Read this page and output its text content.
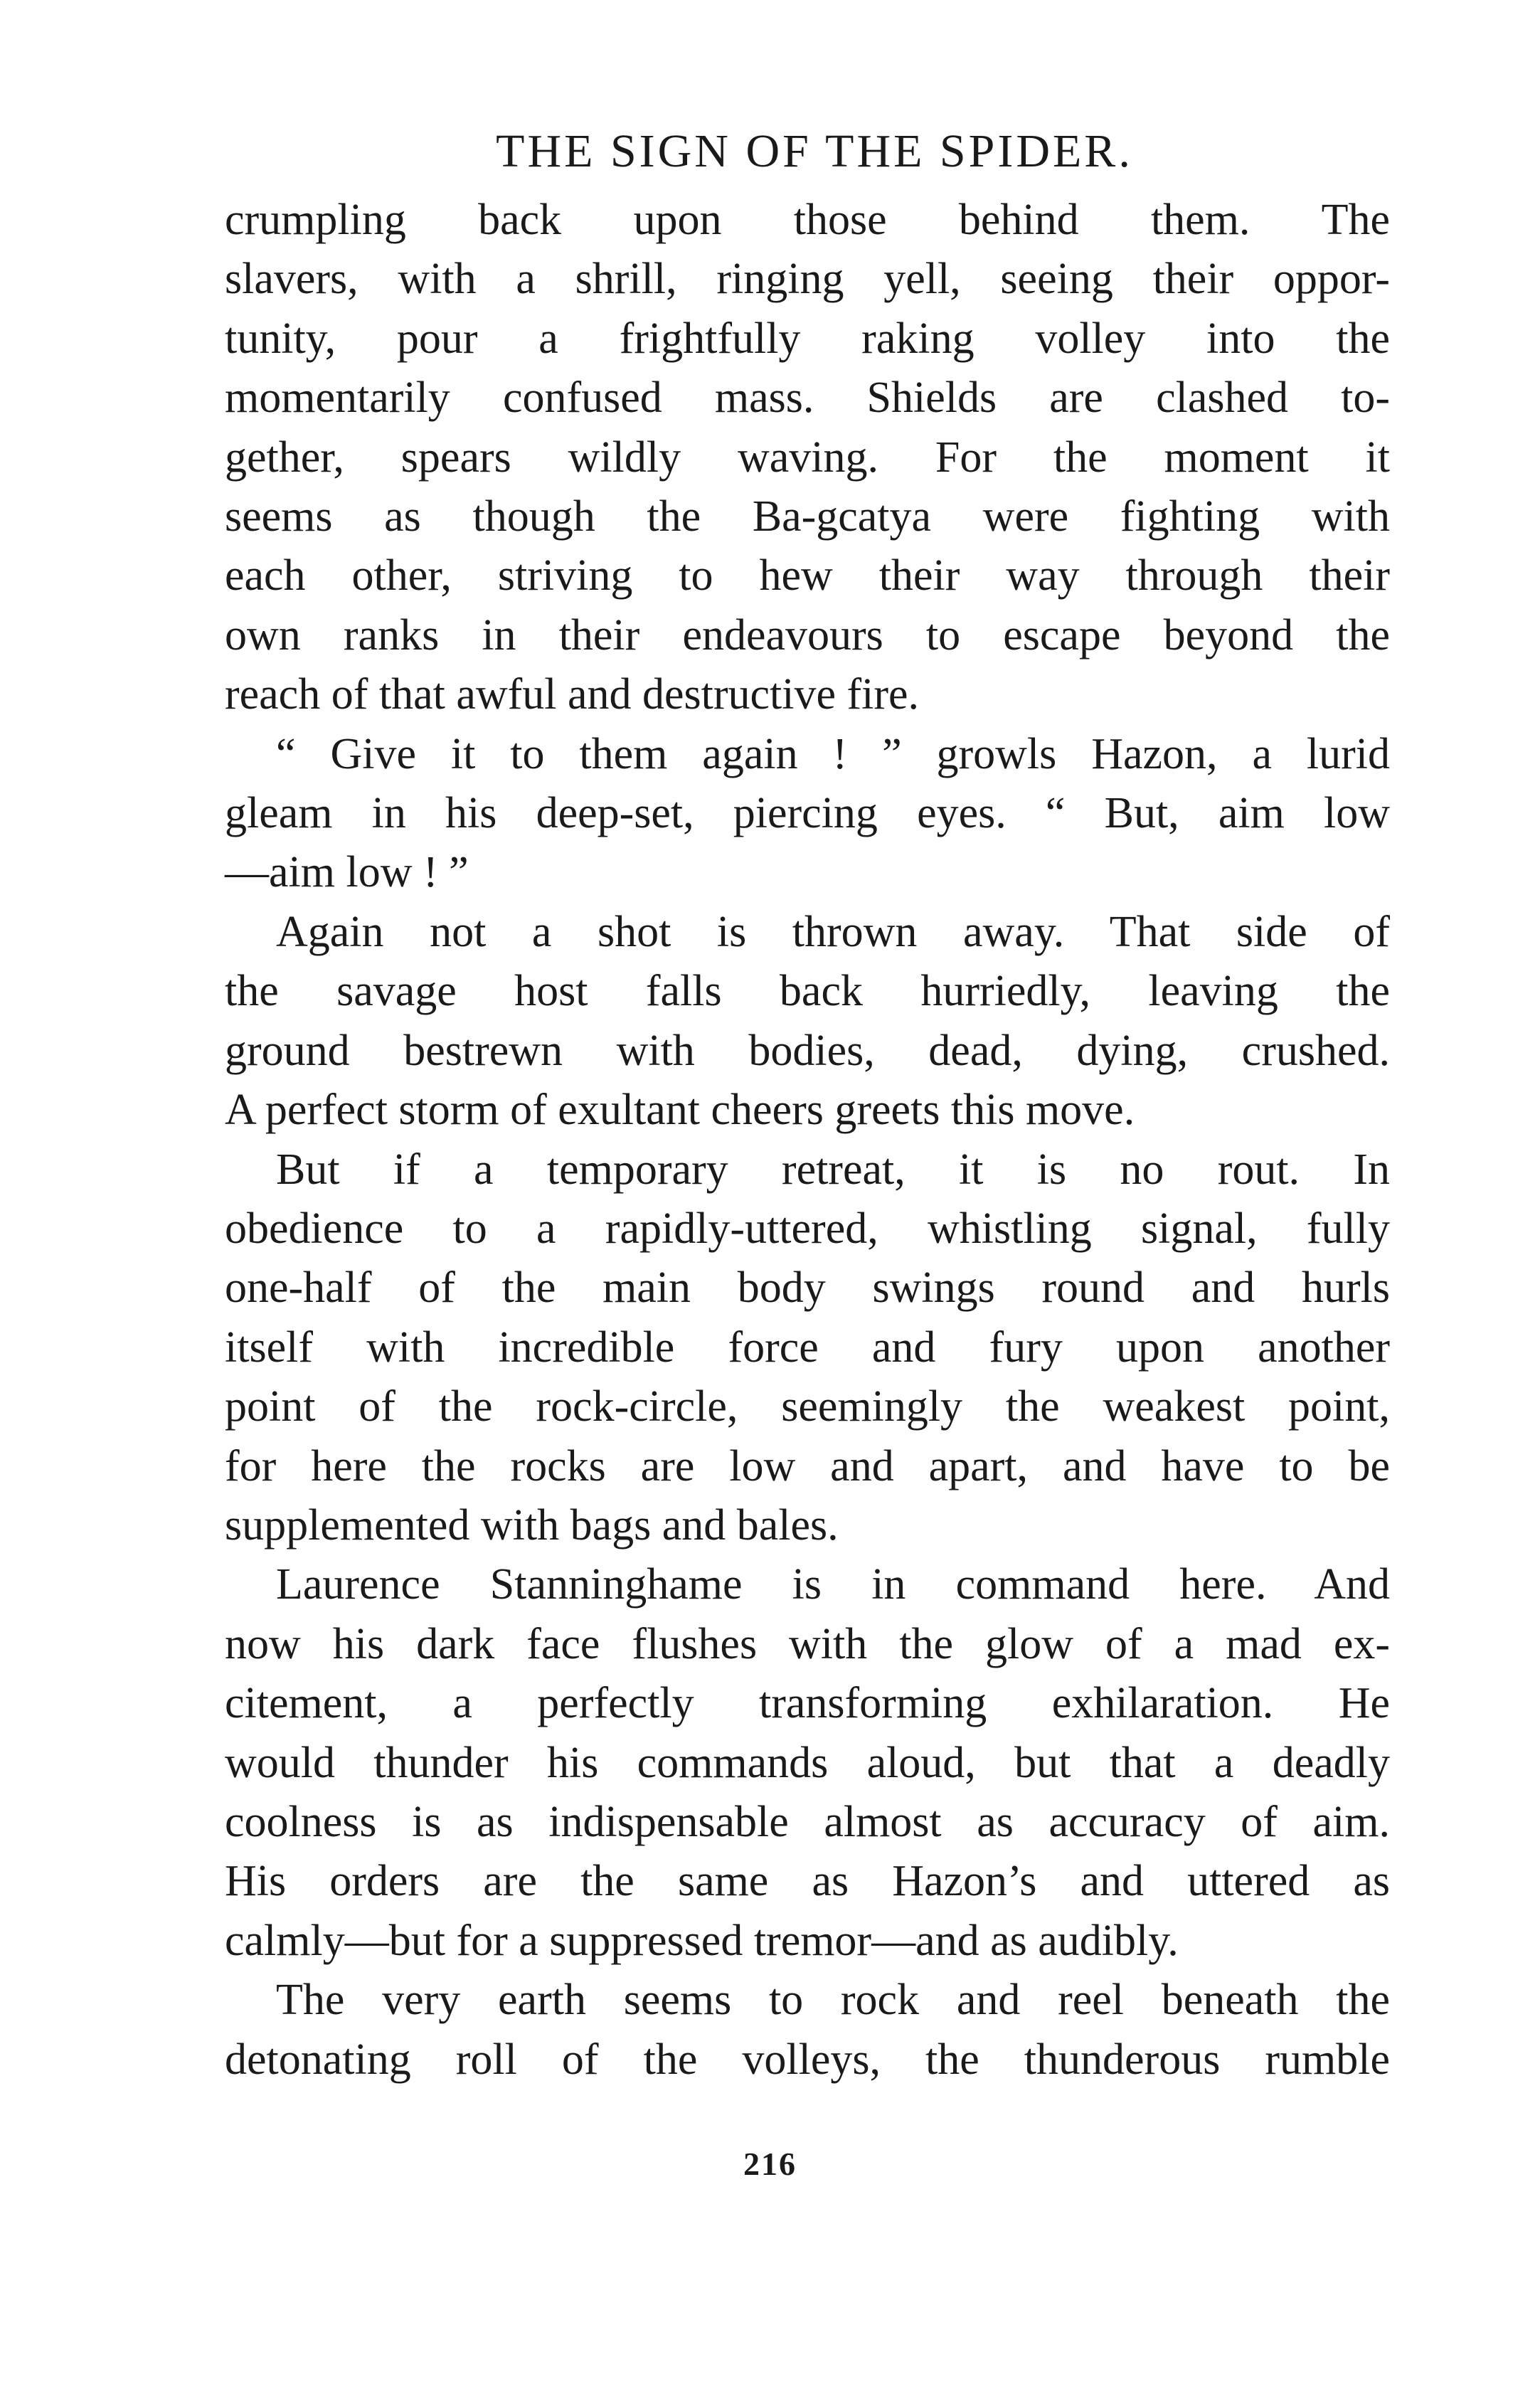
THE SIGN OF THE SPIDER.

crumpling back upon those behind them. The
slavers, with a shrill, ringing yell, seeing their oppor-
tunity, pour a frightfully raking volley into the
momentarily confused mass. Shields are clashed to-
gether, spears wildly waving. For the moment it
seems as though the Ba-gcatya were fighting with
each other, striving to hew their way through their
own ranks in their endeavours to escape beyond the
reach of that awful and destructive fire.

“ Give it to them again ! ” growls Hazon, a lurid
gleam in his deep-set, piercing eyes. “ But, aim low
—aim low ! ”

Again not a shot is thrown away. That side of
the savage host falls back hurriedly, leaving the
ground bestrewn with bodies, dead, dying, crushed.
A perfect storm of exultant cheers greets this move.

But if a temporary retreat, it is no rout. In
obedience to a rapidly-uttered, whistling signal, fully
one-half of the main body swings round and hurls
itself with incredible force and fury upon another
point of the rock-circle, seemingly the weakest point,
for here the rocks are low and apart, and have to be
supplemented with bags and bales.

Laurence Stanninghame is in command here. And
now his dark face flushes with the glow of a mad ex-
citement, a perfectly transforming exhilaration. He
would thunder his commands aloud, but that a deadly
coolness is as indispensable almost as accuracy of aim.
His orders are the same as Hazon’s and uttered as
calmly—but for a suppressed tremor—and as audibly.

The very earth seems to rock and reel beneath the
detonating roll of the volleys, the thunderous rumble

216
